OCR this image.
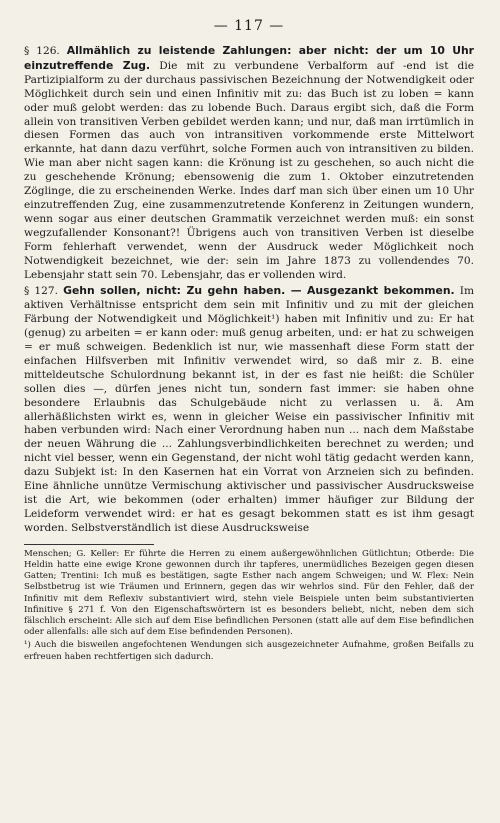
— 117 —

§ 126. Allmählich zu leistende Zahlungen: aber nicht: der um 10 Uhr einzutreffende Zug. Die mit zu verbundene Verbalform auf -end ist die Partizipialform zu der durchaus passivischen Bezeichnung der Notwendigkeit oder Möglichkeit durch sein und einen Infinitiv mit zu: das Buch ist zu loben = kann oder muß gelobt werden: das zu lobende Buch. Daraus ergibt sich, daß die Form allein von transitiven Verben gebildet werden kann; und nur, daß man irrtümlich in diesen Formen das auch von intransitiven vorkommende erste Mittelwort erkannte, hat dann dazu verführt, solche Formen auch von intransitiven zu bilden. Wie man aber nicht sagen kann: die Krönung ist zu geschehen, so auch nicht die zu geschehende Krönung; ebensowenig die zum 1. Oktober einzutretenden Zöglinge, die zu erscheinenden Werke. Indes darf man sich über einen um 10 Uhr einzutreffenden Zug, eine zusammenzutretende Konferenz in Zeitungen wundern, wenn sogar aus einer deutschen Grammatik verzeichnet werden muß: ein sonst wegzufallender Konsonant?! Übrigens auch von transitiven Verben ist dieselbe Form fehlerhaft verwendet, wenn der Ausdruck weder Möglichkeit noch Notwendigkeit bezeichnet, wie der: sein im Jahre 1873 zu vollendendes 70. Lebensjahr statt sein 70. Lebensjahr, das er vollenden wird.

§ 127. Gehn sollen, nicht: Zu gehn haben. — Ausgezankt bekommen. Im aktiven Verhältnisse entspricht dem sein mit Infinitiv und zu mit der gleichen Färbung der Notwendigkeit und Möglichkeit¹) haben mit Infinitiv und zu: Er hat (genug) zu arbeiten = er kann oder: muß genug arbeiten, und: er hat zu schweigen = er muß schweigen. Bedenklich ist nur, wie massenhaft diese Form statt der einfachen Hilfsverben mit Infinitiv verwendet wird, so daß mir z. B. eine mitteldeutsche Schulordnung bekannt ist, in der es fast nie heißt: die Schüler sollen dies —, dürfen jenes nicht tun, sondern fast immer: sie haben ohne besondere Erlaubnis das Schulgebäude nicht zu verlassen u. ä. Am allerhäßlichsten wirkt es, wenn in gleicher Weise ein passivischer Infinitiv mit haben verbunden wird: Nach einer Verordnung haben nun ... nach dem Maßstabe der neuen Währung die ... Zahlungsverbindlichkeiten berechnet zu werden; und nicht viel besser, wenn ein Gegenstand, der nicht wohl tätig gedacht werden kann, dazu Subjekt ist: In den Kasernen hat ein Vorrat von Arzneien sich zu befinden. Eine ähnliche unnütze Vermischung aktivischer und passivischer Ausdrucksweise ist die Art, wie bekommen (oder erhalten) immer häufiger zur Bildung der Leideform verwendet wird: er hat es gesagt bekommen statt es ist ihm gesagt worden. Selbstverständlich ist diese Ausdrucksweise

Menschen; G. Keller: Er führte die Herren zu einem außergewöhnlichen Gütlichtun; Otberde: Die Heldin hatte eine ewige Krone gewonnen durch ihr tapferes, unermüdliches Bezeigen gegen diesen Gatten; Trentini: Ich muß es bestätigen, sagte Esther nach angem Schweigen; und W. Flex: Nein Selbstbetrug ist wie Träumen und Erinnern, gegen das wir wehrlos sind. Für den Fehler, daß der Infinitiv mit dem Reflexiv substantiviert wird, stehn viele Beispiele unten beim substantivierten Infinitive § 271 f. Von den Eigenschaftswörtern ist es besonders beliebt, nicht, neben dem sich fälschlich erscheint: Alle sich auf dem Eise befindlichen Personen (statt alle auf dem Eise befindlichen oder allenfalls: alle sich auf dem Eise befindenden Personen).

¹) Auch die bisweilen angefochtenen Wendungen sich ausgezeichneter Aufnahme, großen Beifalls zu erfreuen haben rechtfertigen sich dadurch.
